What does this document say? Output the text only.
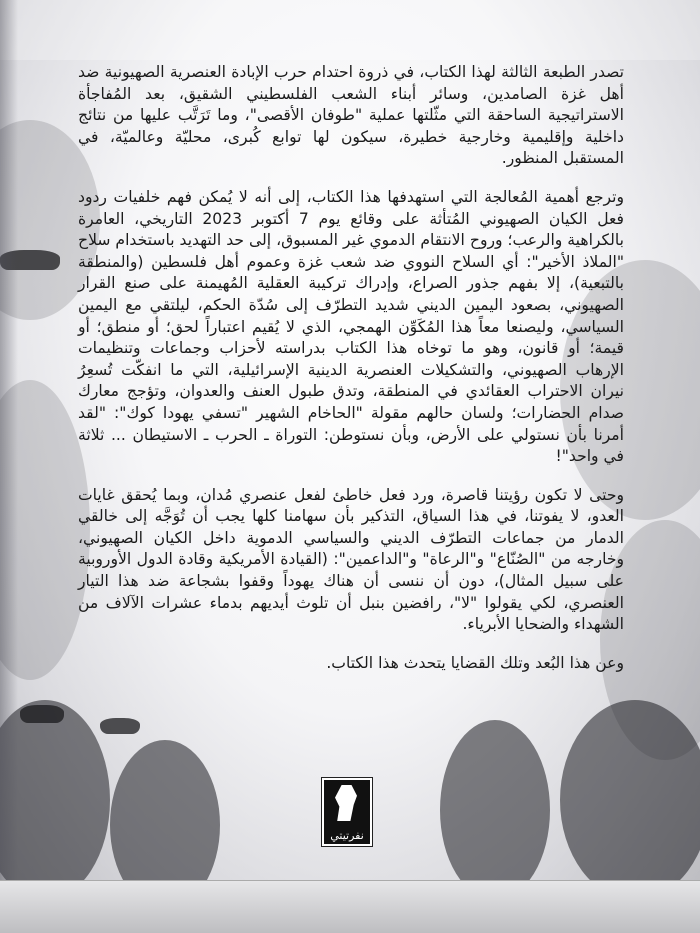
تصدر الطبعة الثالثة لهذا الكتاب، في ذروة احتدام حرب الإبادة العنصرية الصهيونية ضد أهل غزة الصامدين، وسائر أبناء الشعب الفلسطيني الشقيق، بعد المُفاجأة الاستراتيجية الساحقة التي مثّلتها عملية "طوفان الأقصى"، وما تَرَتَّب عليها من نتائج داخلية وإقليمية وخارجية خطيرة، سيكون لها توابع كُبرى، محليّة وعالميّة، في المستقبل المنظور.

وترجع أهمية المُعالجة التي استهدفها هذا الكتاب، إلى أنه لا يُمكن فهم خلفيات ردود فعل الكيان الصهيوني المُتأثة على وقائع يوم 7 أكتوبر 2023 التاريخي، العامرة بالكراهية والرعب؛ وروح الانتقام الدموي غير المسبوق، إلى حد التهديد باستخدام سلاح "الملاذ الأخير": أي السلاح النووي ضد شعب غزة وعموم أهل فلسطين (والمنطقة بالتبعية)، إلا بفهم جذور الصراع، وإدراك تركيبة العقلية المُهيمنة على صنع القرار الصهيوني، بصعود اليمين الديني شديد التطرّف إلى سُدّة الحكم، ليلتقي مع اليمين السياسي، وليصنعا معاً هذا المُكَوِّن الهمجي، الذي لا يُقيم اعتباراً لحق؛ أو منطق؛ أو قيمة؛ أو قانون، وهو ما توخاه هذا الكتاب بدراسته لأحزاب وجماعات وتنظيمات الإرهاب الصهيوني، والتشكيلات العنصرية الدينية الإسرائيلية، التي ما انفكّت تُسعِرُ نيران الاحتراب العقائدي في المنطقة، وتدق طبول العنف والعدوان، وتؤجج معارك صدام الحضارات؛ ولسان حالهم مقولة "الحاخام الشهير "تسفي يهودا كوك": "لقد أمرنا بأن نستولي على الأرض، وبأن نستوطن: التوراة ـ الحرب ـ الاستيطان ... ثلاثة في واحد"!

وحتى لا تكون رؤيتنا قاصرة، ورد فعل خاطئ لفعل عنصري مُدان، وبما يُحقق غايات العدو، لا يفوتنا، في هذا السياق، التذكير بأن سهامنا كلها يجب أن تُوَجَّه إلى خالقي الدمار من جماعات التطرّف الديني والسياسي الدموية داخل الكيان الصهيوني، وخارجه من "الصُنّاع" و"الرعاة" و"الداعمين": (القيادة الأمريكية وقادة الدول الأوروبية على سبيل المثال)، دون أن ننسى أن هناك يهوداً وقفوا بشجاعة ضد هذا التيار العنصري، لكي يقولوا "لا"، رافضين بنبل أن تلوث أيديهم بدماء عشرات الآلاف من الشهداء والضحايا الأبرياء.

وعن هذا البُعد وتلك القضايا يتحدث هذا الكتاب.

نفرتيتي
